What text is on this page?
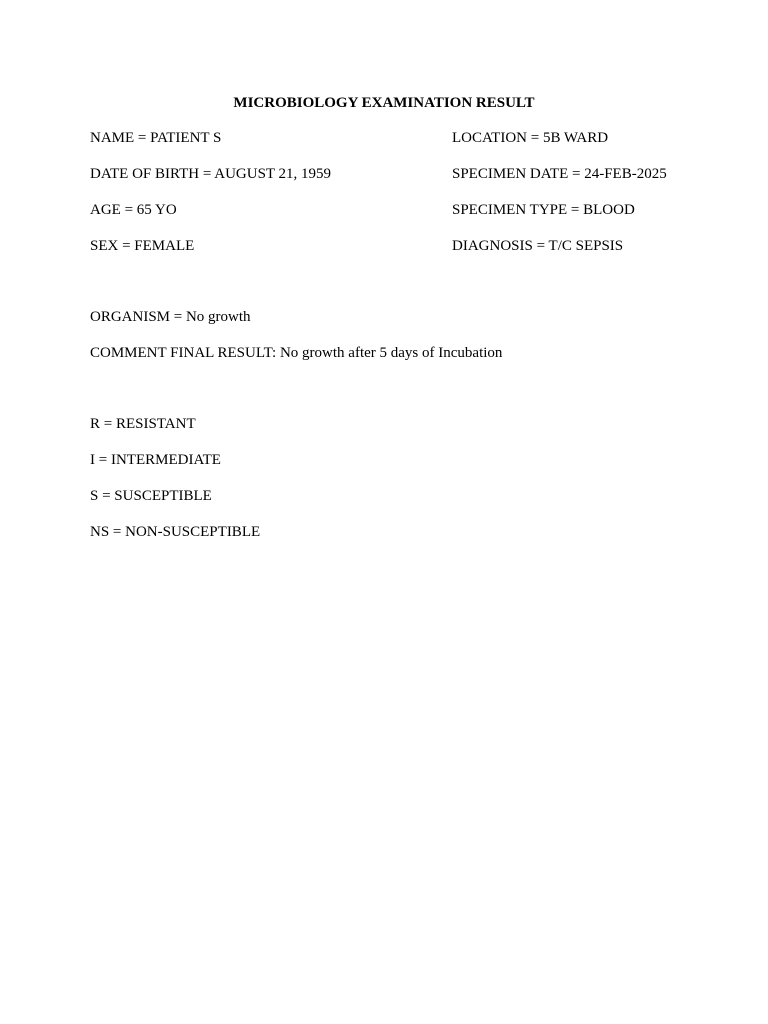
MICROBIOLOGY EXAMINATION RESULT
NAME = PATIENT S
DATE OF BIRTH = AUGUST 21, 1959
AGE = 65 YO
SEX = FEMALE
LOCATION = 5B WARD
SPECIMEN DATE = 24-FEB-2025
SPECIMEN TYPE = BLOOD
DIAGNOSIS = T/C SEPSIS
ORGANISM = No growth
COMMENT FINAL RESULT: No growth after 5 days of Incubation
R = RESISTANT
I = INTERMEDIATE
S = SUSCEPTIBLE
NS = NON-SUSCEPTIBLE
